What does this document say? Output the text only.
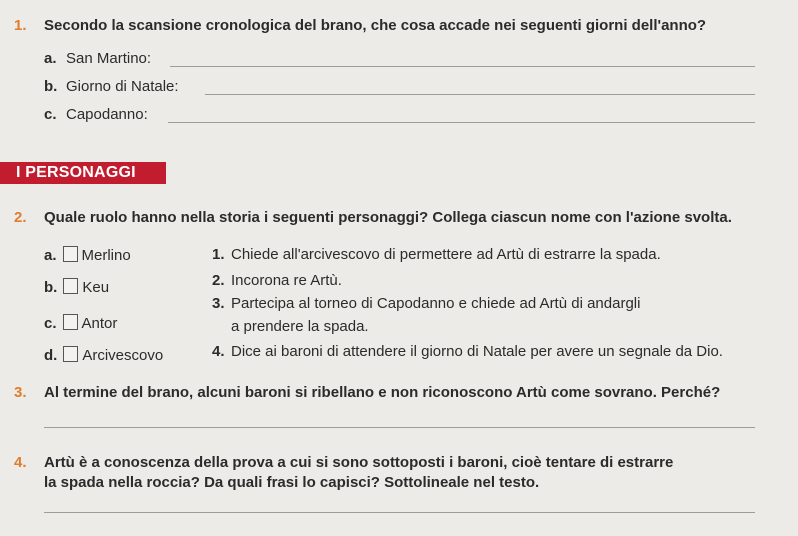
1. Secondo la scansione cronologica del brano, che cosa accade nei seguenti giorni dell'anno?
a. San Martino:
b. Giorno di Natale:
c. Capodanno:
I PERSONAGGI
2. Quale ruolo hanno nella storia i seguenti personaggi? Collega ciascun nome con l'azione svolta.
a. Merlino
b. Keu
c. Antor
d. Arcivescovo
1. Chiede all'arcivescovo di permettere ad Artù di estrarre la spada.
2. Incorona re Artù.
3. Partecipa al torneo di Capodanno e chiede ad Artù di andargli
a prendere la spada.
4. Dice ai baroni di attendere il giorno di Natale per avere un segnale da Dio.
3. Al termine del brano, alcuni baroni si ribellano e non riconoscono Artù come sovrano. Perché?
4. Artù è a conoscenza della prova a cui si sono sottoposti i baroni, cioè tentare di estrarre
la spada nella roccia? Da quali frasi lo capisci? Sottolineale nel testo.
